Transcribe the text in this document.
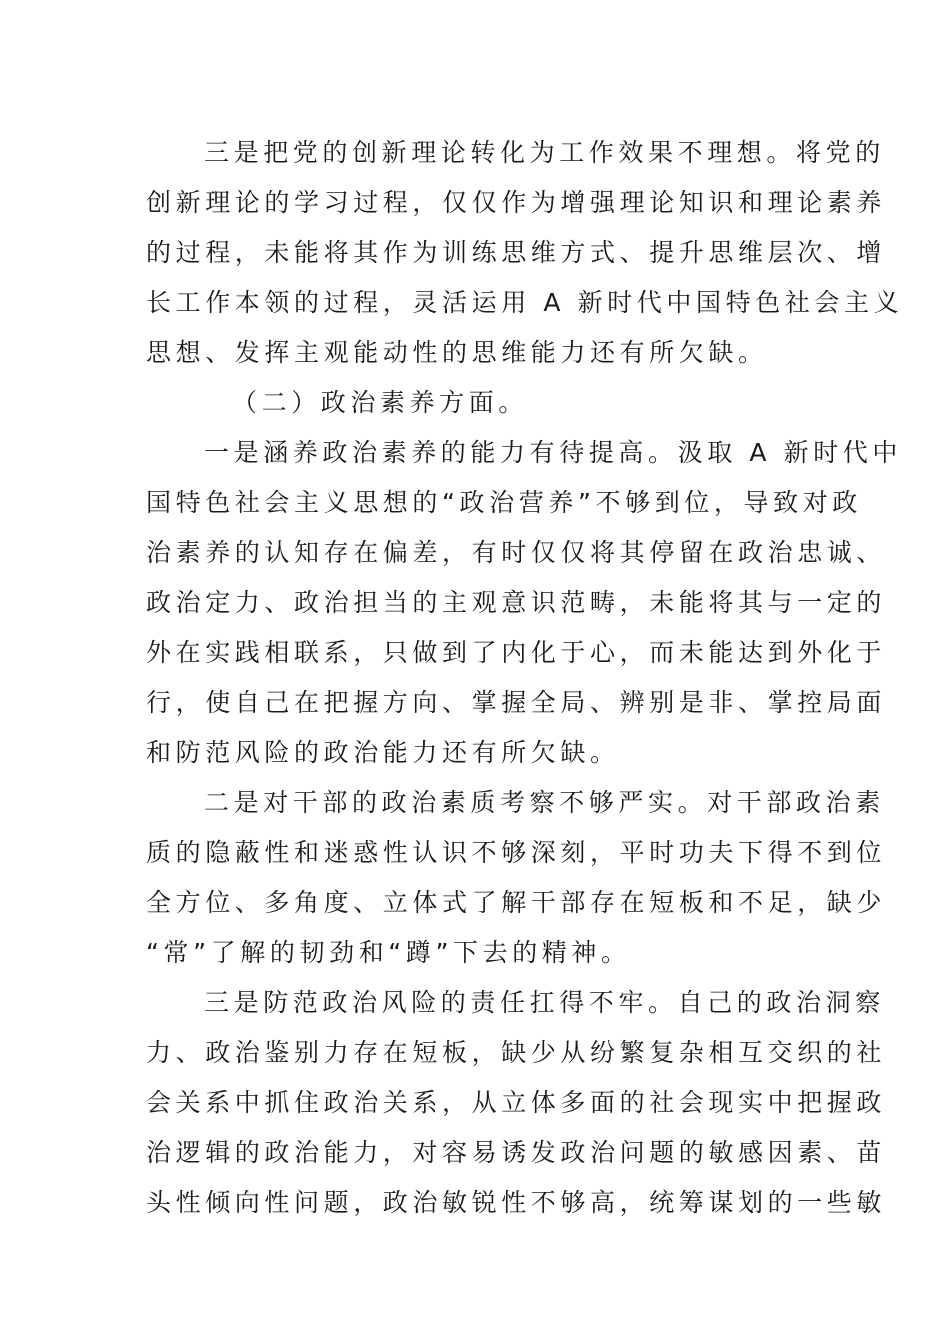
三是把党的创新理论转化为工作效果不理想。将党的
创新理论的学习过程，仅仅作为增强理论知识和理论素养
的过程，未能将其作为训练思维方式、提升思维层次、增
长工作本领的过程，灵活运用 A 新时代中国特色社会主义
思想、发挥主观能动性的思维能力还有所欠缺。
（二）政治素养方面。
一是涵养政治素养的能力有待提高。汲取 A 新时代中
国特色社会主义思想的“政治营养”不够到位，导致对政
治素养的认知存在偏差，有时仅仅将其停留在政治忠诚、
政治定力、政治担当的主观意识范畴，未能将其与一定的
外在实践相联系，只做到了内化于心，而未能达到外化于
行，使自己在把握方向、掌握全局、辨别是非、掌控局面
和防范风险的政治能力还有所欠缺。
二是对干部的政治素质考察不够严实。对干部政治素
质的隐蔽性和迷惑性认识不够深刻，平时功夫下得不到位
全方位、多角度、立体式了解干部存在短板和不足，缺少
“常”了解的韧劲和“蹲”下去的精神。
三是防范政治风险的责任扛得不牢。自己的政治洞察
力、政治鉴别力存在短板，缺少从纷繁复杂相互交织的社
会关系中抓住政治关系，从立体多面的社会现实中把握政
治逻辑的政治能力，对容易诱发政治问题的敏感因素、苗
头性倾向性问题，政治敏锐性不够高，统筹谋划的一些敏
